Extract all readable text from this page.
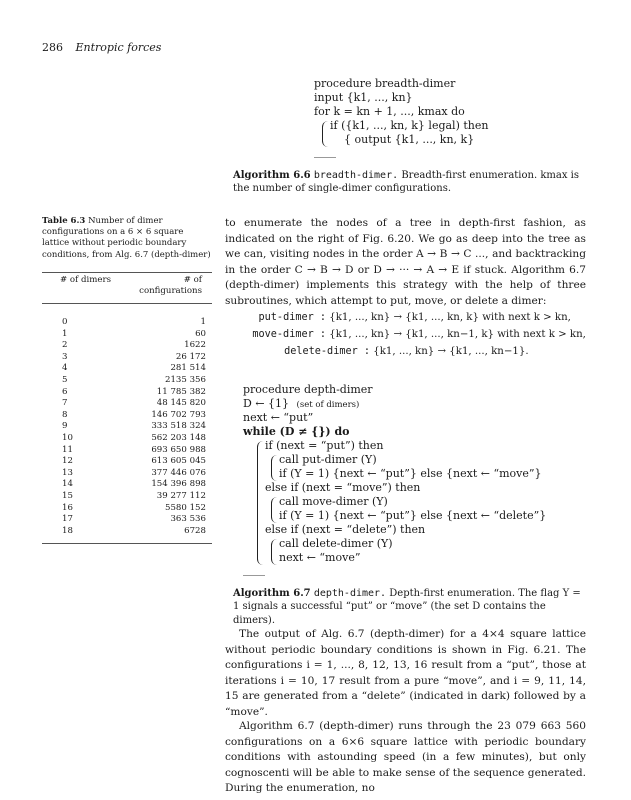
286 Entropic forces
procedure breadth-dimer
input {k1, ..., kn}
for k = kn + 1, ..., kmax do
if ({k1, ..., kn, k} legal) then
{ output {k1, ..., kn, k}
Algorithm 6.6 breadth-dimer. Breadth-first enumeration. kmax is the number of single-dimer configurations.
Table 6.3 Number of dimer configurations on a 6 × 6 square lattice without periodic boundary conditions, from Alg. 6.7 (depth-dimer)
# of dimers	# of
configurations
0	1
1	60
2	1622
3	26 172
4	281 514
5	2135 356
6	11 785 382
7	48 145 820
8	146 702 793
9	333 518 324
10	562 203 148
11	693 650 988
12	613 605 045
13	377 446 076
14	154 396 898
15	39 277 112
16	5580 152
17	363 536
18	6728
to enumerate the nodes of a tree in depth-first fashion, as indicated on the right of Fig. 6.20. We go as deep into the tree as we can, visiting nodes in the order A → B → C ..., and backtracking in the order C → B → D or D → ··· → A → E if stuck. Algorithm 6.7 (depth-dimer) implements this strategy with the help of three subroutines, which attempt to put, move, or delete a dimer:
put-dimer : {k1, ..., kn} → {k1, ..., kn, k} with next k > kn,
move-dimer : {k1, ..., kn} → {k1, ..., kn−1, k} with next k > kn,
delete-dimer : {k1, ..., kn} → {k1, ..., kn−1}.
procedure depth-dimer
D ← {1} (set of dimers)
next ← “put”
while (D ≠ {}) do
if (next = “put”) then
call put-dimer (Υ)
if (Υ = 1) {next ← “put”} else {next ← “move”}
else if (next = “move”) then
call move-dimer (Υ)
if (Υ = 1) {next ← “put”} else {next ← “delete”}
else if (next = “delete”) then
call delete-dimer (Υ)
next ← “move”
Algorithm 6.7 depth-dimer. Depth-first enumeration. The flag Υ = 1 signals a successful “put” or “move” (the set D contains the dimers).
The output of Alg. 6.7 (depth-dimer) for a 4×4 square lattice without periodic boundary conditions is shown in Fig. 6.21. The configurations i = 1, ..., 8, 12, 13, 16 result from a “put”, those at iterations i = 10, 17 result from a pure “move”, and i = 9, 11, 14, 15 are generated from a “delete” (indicated in dark) followed by a “move”.
Algorithm 6.7 (depth-dimer) runs through the 23 079 663 560 configurations on a 6×6 square lattice with periodic boundary conditions with astounding speed (in a few minutes), but only cognoscenti will be able to make sense of the sequence generated. During the enumeration, no
